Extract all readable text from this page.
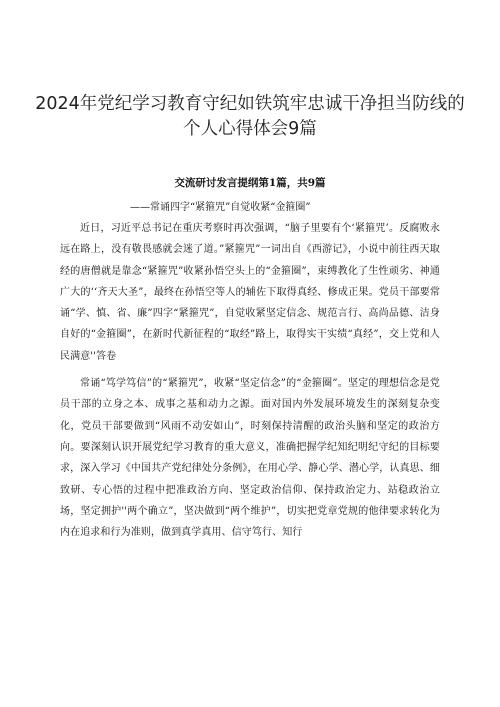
2024年党纪学习教育守纪如铁筑牢忠诚干净担当防线的个人心得体会9篇
交流研讨发言提纲第1篇，共9篇
——常诵四字“紧箍咒”自觉收紧“金箍圈”

近日，习近平总书记在重庆考察时再次强调，“脑子里要有个‘紧箍咒’。反腐败永远在路上，没有敬畏感就会迷了道。”紧箍咒”一词出自《西游记》，小说中前往西天取经的唐僧就是靠念“紧箍咒”收紧孙悟空头上的“金箍圈”，束缚教化了生性顽劣、神通广大的‘‘齐天大圣”，最终在孙悟空等人的辅佐下取得真经、修成正果。党员干部要常诵“学、慎、省、廉”四字“紧箍咒”，自觉收紧坚定信念、规范言行、高尚品德、洁身自好的“金箍圈”，在新时代新征程的“取经”路上，取得实干实绩“真经”，交上党和人民满意''答卷

常诵“笃学笃信”的“紧箍咒”，收紧“坚定信念”的“金箍圈”。坚定的理想信念是党员干部的立身之本、成事之基和动力之源。面对国内外发展环境发生的深刻复杂变化，党员干部要做到“风雨不动安如山”，时刻保持清醒的政治头脑和坚定的政治方向。要深刻认识开展党纪学习教育的重大意义，准确把握学纪知纪明纪守纪的目标要求，深入学习《中国共产党纪律处分条例》，在用心学、静心学、潜心学，认真思、细致研、专心悟的过程中把准政治方向、坚定政治信仰、保持政治定力、站稳政治立场，坚定拥护''两个确立”，坚决做到“两个维护”，切实把党章党规的他律要求转化为内在追求和行为准则，做到真学真用、信守笃行、知行
